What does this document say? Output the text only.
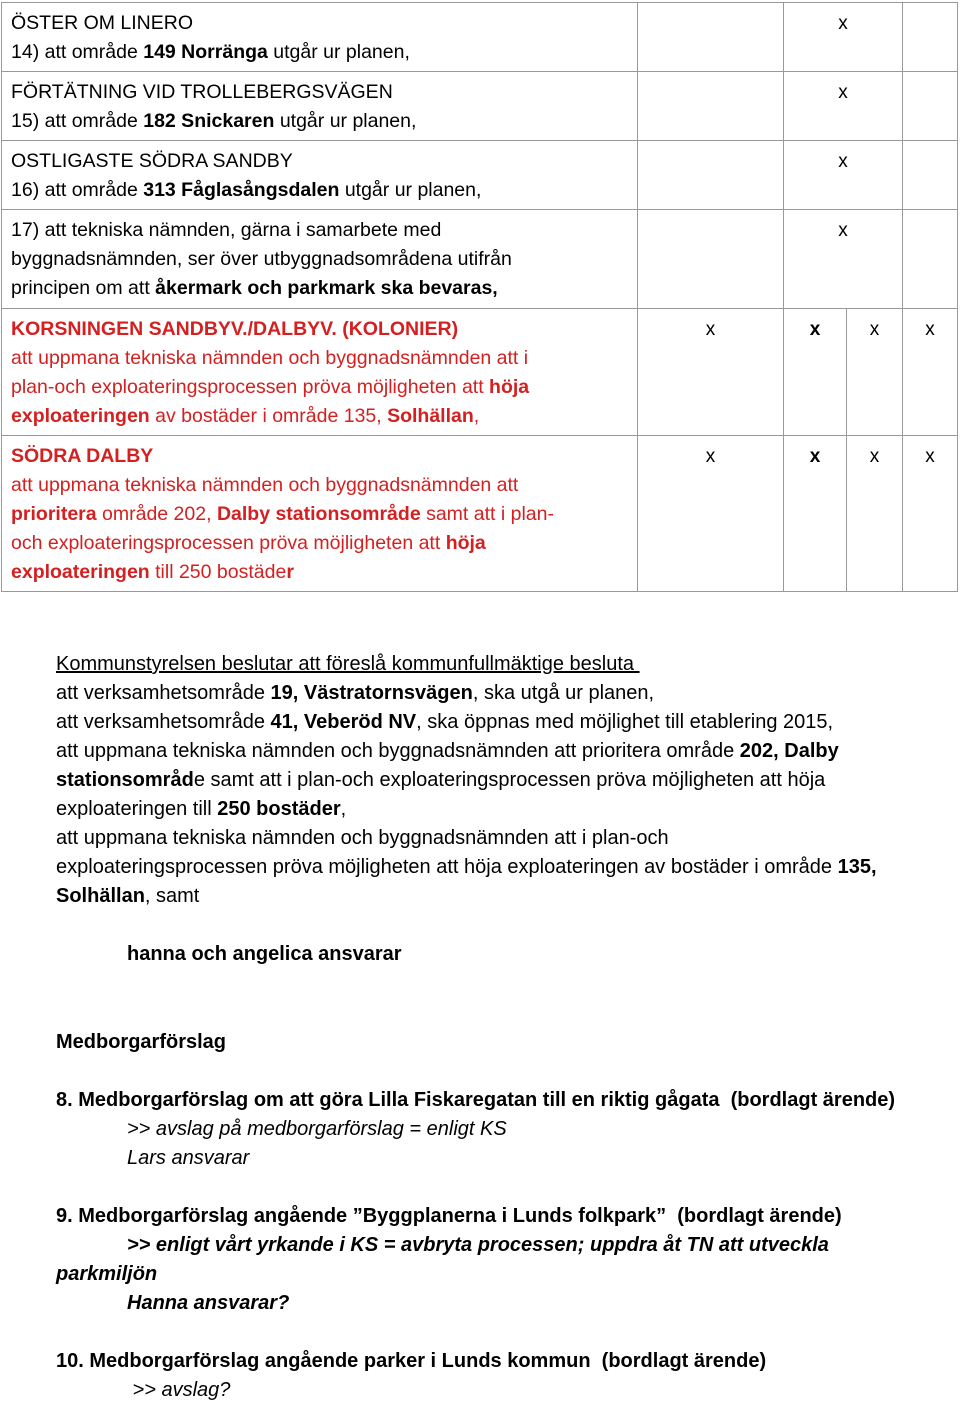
ÖSTER OM LINERO
14) att område 149 Norränga utgår ur planen,		x		

FÖRTÄTNING VID TROLLEBERGSVÄGEN
15) att område 182 Snickaren utgår ur planen,		x		

OSTLIGASTE SÖDRA SANDBY
16) att område 313 Fåglasångsdalen utgår ur planen,		x		

17) att tekniska nämnden, gärna i samarbete med
byggnadsnämnden, ser över utbyggnadsområdena utifrån
principen om att åkermark och parkmark ska bevaras,		x		

KORSNINGEN SANDBYV./DALBYV. (KOLONIER)
att uppmana tekniska nämnden och byggnadsnämnden att i
plan-och exploateringsprocessen pröva möjligheten att höja
exploateringen av bostäder i område 135, Solhällan,	x	x	x	x

SÖDRA DALBY
att uppmana tekniska nämnden och byggnadsnämnden att
prioritera område 202, Dalby stationsområde samt att i plan-
och exploateringsprocessen pröva möjligheten att höja
exploateringen till 250 bostäder	x	x	x	x

Kommunstyrelsen beslutar att föreslå kommunfullmäktige besluta

att verksamhetsområde 19, Västratornsvägen, ska utgå ur planen,

att verksamhetsområde 41, Veberöd NV, ska öppnas med möjlighet till etablering 2015,

att uppmana tekniska nämnden och byggnadsnämnden att prioritera område 202, Dalby

stationsområde samt att i plan-och exploateringsprocessen pröva möjligheten att höja

exploateringen till 250 bostäder,

att uppmana tekniska nämnden och byggnadsnämnden att i plan-och

exploateringsprocessen pröva möjligheten att höja exploateringen av bostäder i område 135,

Solhällan, samt

hanna och angelica ansvarar

Medborgarförslag

8. Medborgarförslag om att göra Lilla Fiskaregatan till en riktig gågata  (bordlagt ärende)

>> avslag på medborgarförslag = enligt KS

Lars ansvarar

9. Medborgarförslag angående ”Byggplanerna i Lunds folkpark”  (bordlagt ärende)

>> enligt vårt yrkande i KS = avbryta processen; uppdra åt TN att utveckla

parkmiljön

Hanna ansvarar?

10. Medborgarförslag angående parker i Lunds kommun  (bordlagt ärende)

>> avslag?
